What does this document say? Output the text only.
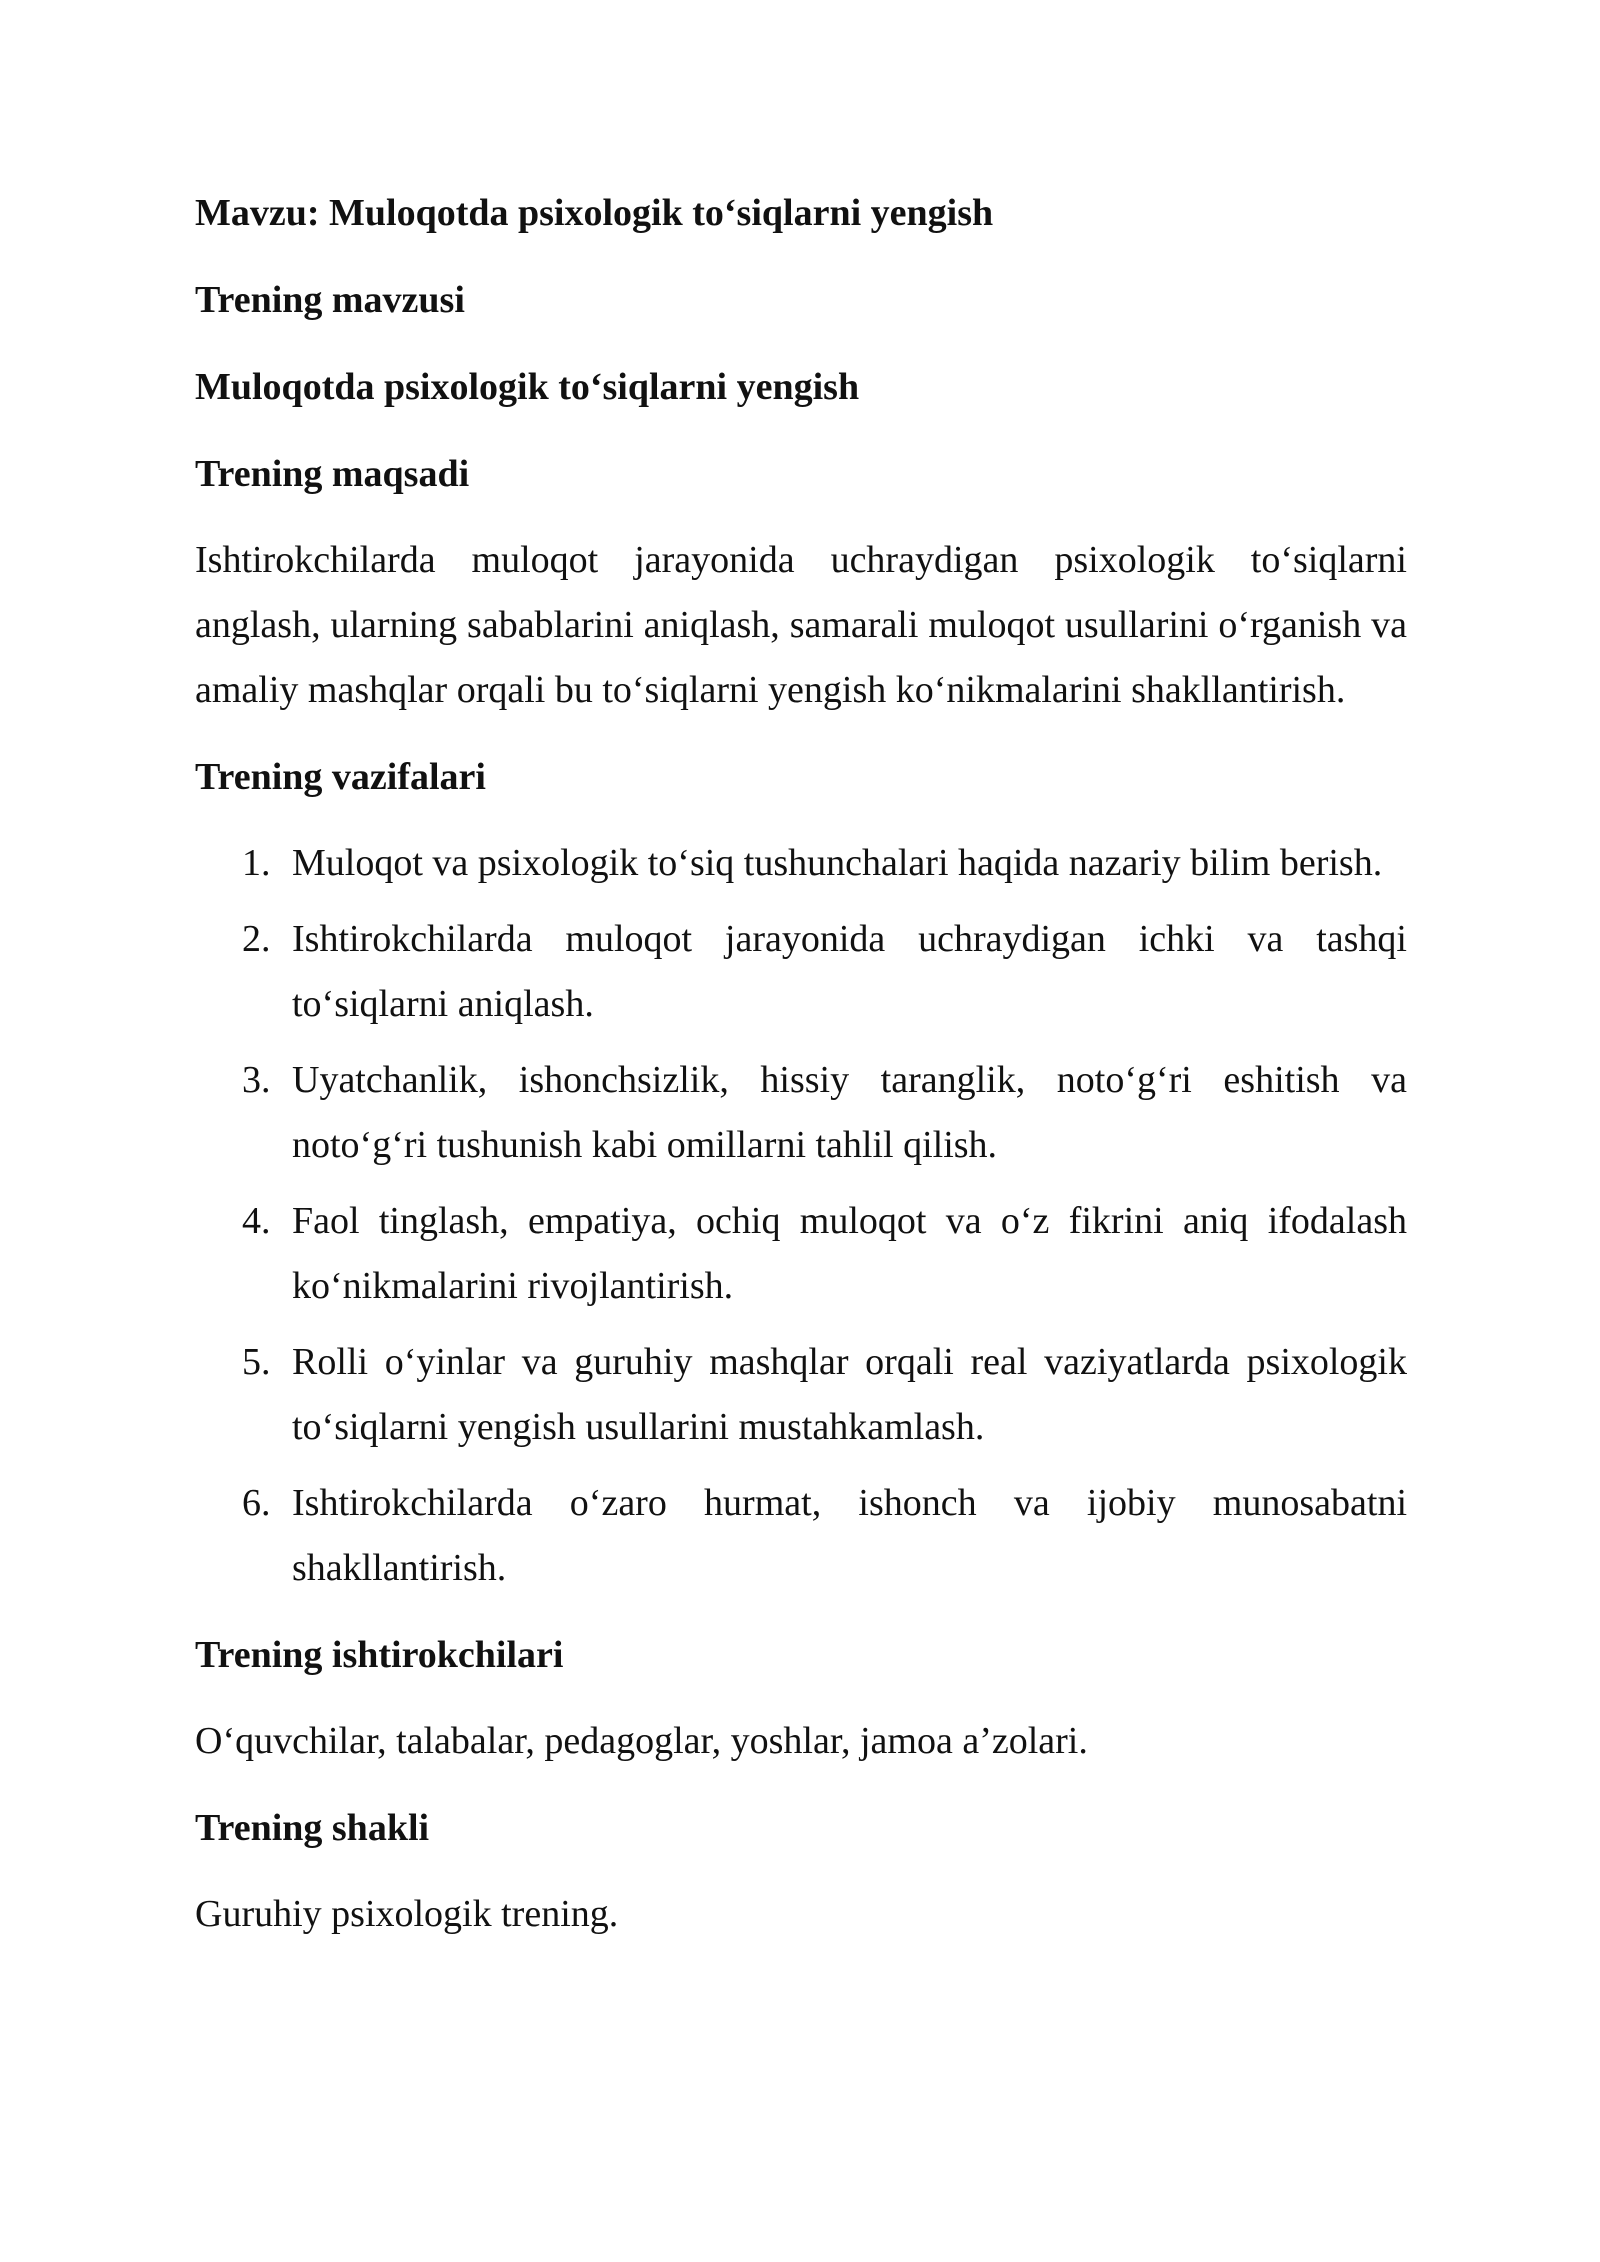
Mavzu: Muloqotda psixologik to‘siqlarni yengish
Trening mavzusi
Muloqotda psixologik to‘siqlarni yengish
Trening maqsadi

Ishtirokchilarda muloqot jarayonida uchraydigan psixologik to‘siqlarni anglash, ularning sabablarini aniqlash, samarali muloqot usullarini o‘rganish va amaliy mashqlar orqali bu to‘siqlarni yengish ko‘nikmalarini shakllantirish.

Trening vazifalari
1. Muloqot va psixologik to‘siq tushunchalari haqida nazariy bilim berish.
2. Ishtirokchilarda muloqot jarayonida uchraydigan ichki va tashqi to‘siqlarni aniqlash.
3. Uyatchanlik, ishonchsizlik, hissiy taranglik, noto‘g‘ri eshitish va noto‘g‘ri tushunish kabi omillarni tahlil qilish.
4. Faol tinglash, empatiya, ochiq muloqot va o‘z fikrini aniq ifodalash ko‘nikmalarini rivojlantirish.
5. Rolli o‘yinlar va guruhiy mashqlar orqali real vaziyatlarda psixologik to‘siqlarni yengish usullarini mustahkamlash.
6. Ishtirokchilarda o‘zaro hurmat, ishonch va ijobiy munosabatni shakllantirish.
Trening ishtirokchilari

O‘quvchilar, talabalar, pedagoglar, yoshlar, jamoa a’zolari.

Trening shakli

Guruhiy psixologik trening.
